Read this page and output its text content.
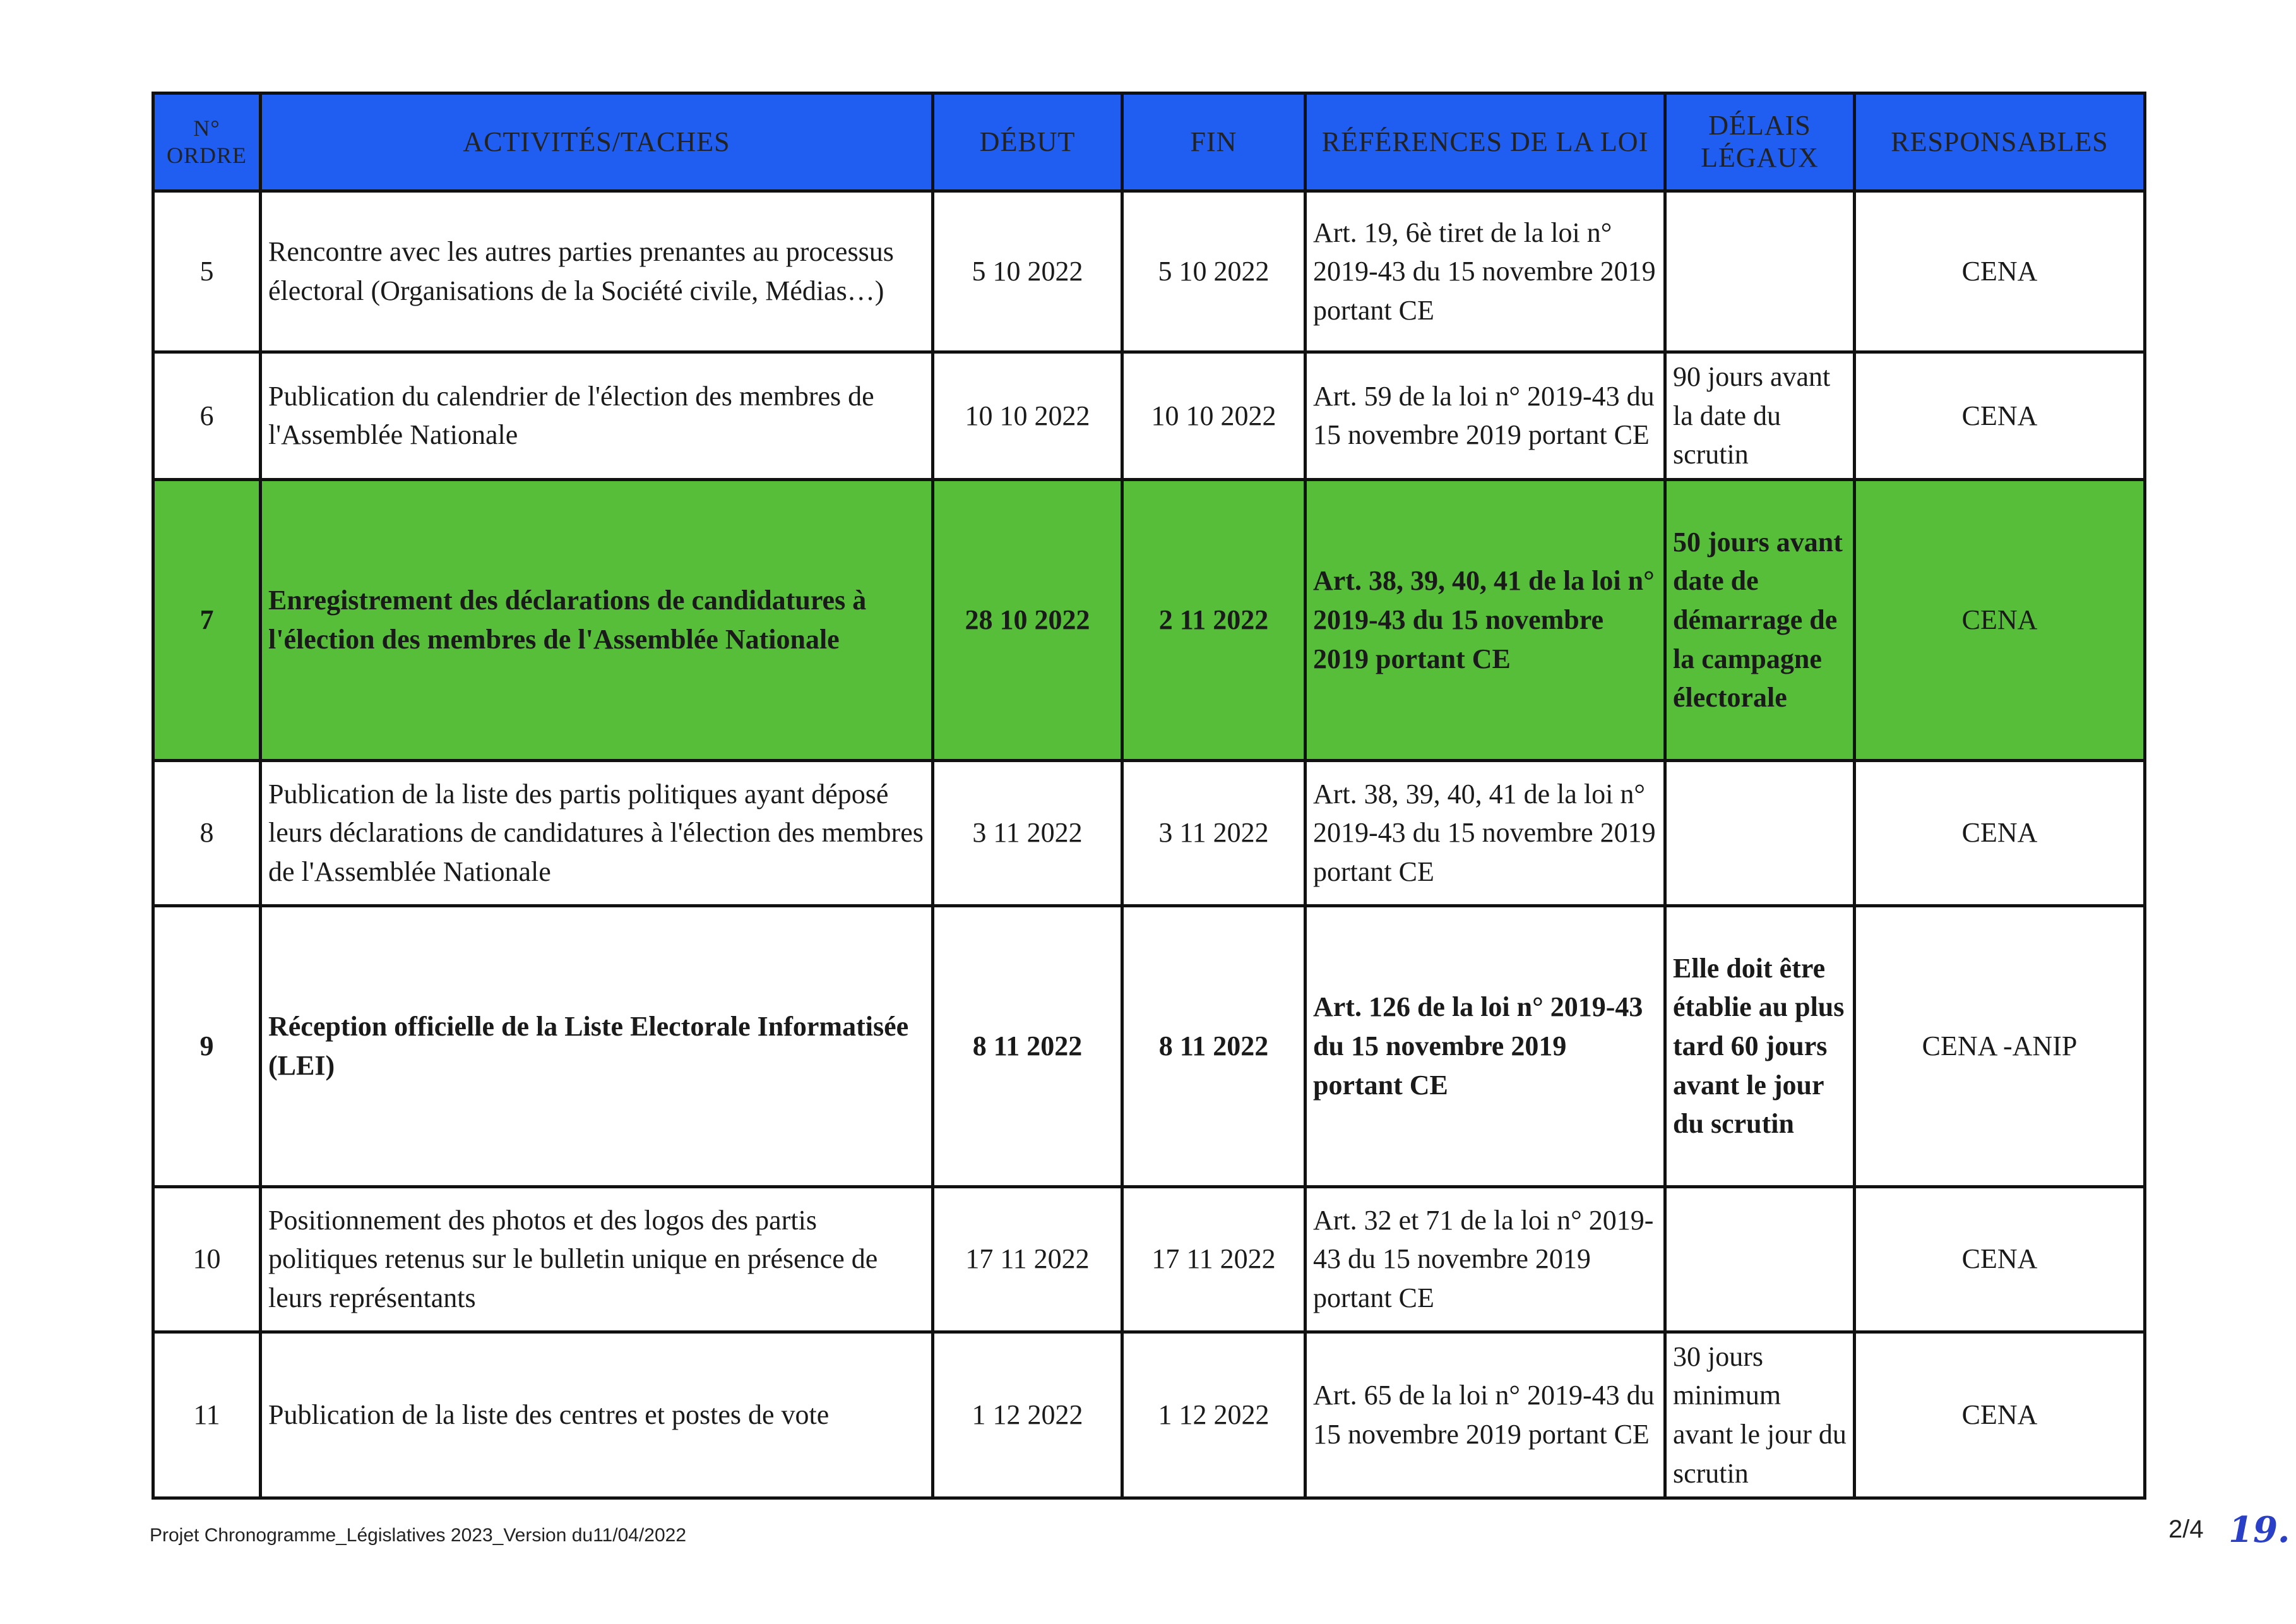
N° ORDRE	ACTIVITÉS/TACHES	DÉBUT	FIN	RÉFÉRENCES DE LA LOI	DÉLAIS LÉGAUX	RESPONSABLES
5	Rencontre avec les autres parties prenantes au processus électoral (Organisations de la Société civile, Médias…)	5 10 2022	5 10 2022	Art. 19, 6è tiret de la loi n° 2019-43 du 15 novembre 2019 portant CE		CENA
6	Publication du calendrier de l'élection des membres de l'Assemblée Nationale	10 10 2022	10 10 2022	Art. 59 de la loi n° 2019-43 du 15 novembre 2019 portant CE	90 jours avant la date du scrutin	CENA
7	Enregistrement des déclarations de candidatures à l'élection des membres de l'Assemblée Nationale	28 10 2022	2 11 2022	Art. 38, 39, 40, 41 de la loi n° 2019-43 du 15 novembre 2019 portant CE	50 jours avant date de démarrage de la campagne électorale	CENA
8	Publication de la liste des partis politiques ayant déposé leurs déclarations de candidatures à l'élection des membres de l'Assemblée Nationale	3 11 2022	3 11 2022	Art. 38, 39, 40, 41 de la loi n° 2019-43 du 15 novembre 2019 portant CE		CENA
9	Réception officielle de la Liste Electorale Informatisée (LEI)	8 11 2022	8 11 2022	Art. 126 de la loi n° 2019-43 du 15 novembre 2019 portant CE	Elle doit être établie au plus tard 60 jours avant le jour du scrutin	CENA -ANIP
10	Positionnement des photos et des logos des partis politiques retenus sur le bulletin unique en présence de leurs représentants	17 11 2022	17 11 2022	Art. 32 et 71 de la loi n° 2019-43 du 15 novembre 2019 portant CE		CENA
11	Publication de la liste des centres et postes de vote	1 12 2022	1 12 2022	Art. 65 de la loi n° 2019-43 du 15 novembre 2019 portant CE	30 jours minimum avant le jour du scrutin	CENA
Projet Chronogramme_Législatives 2023_Version du11/04/2022	2/4 19.
